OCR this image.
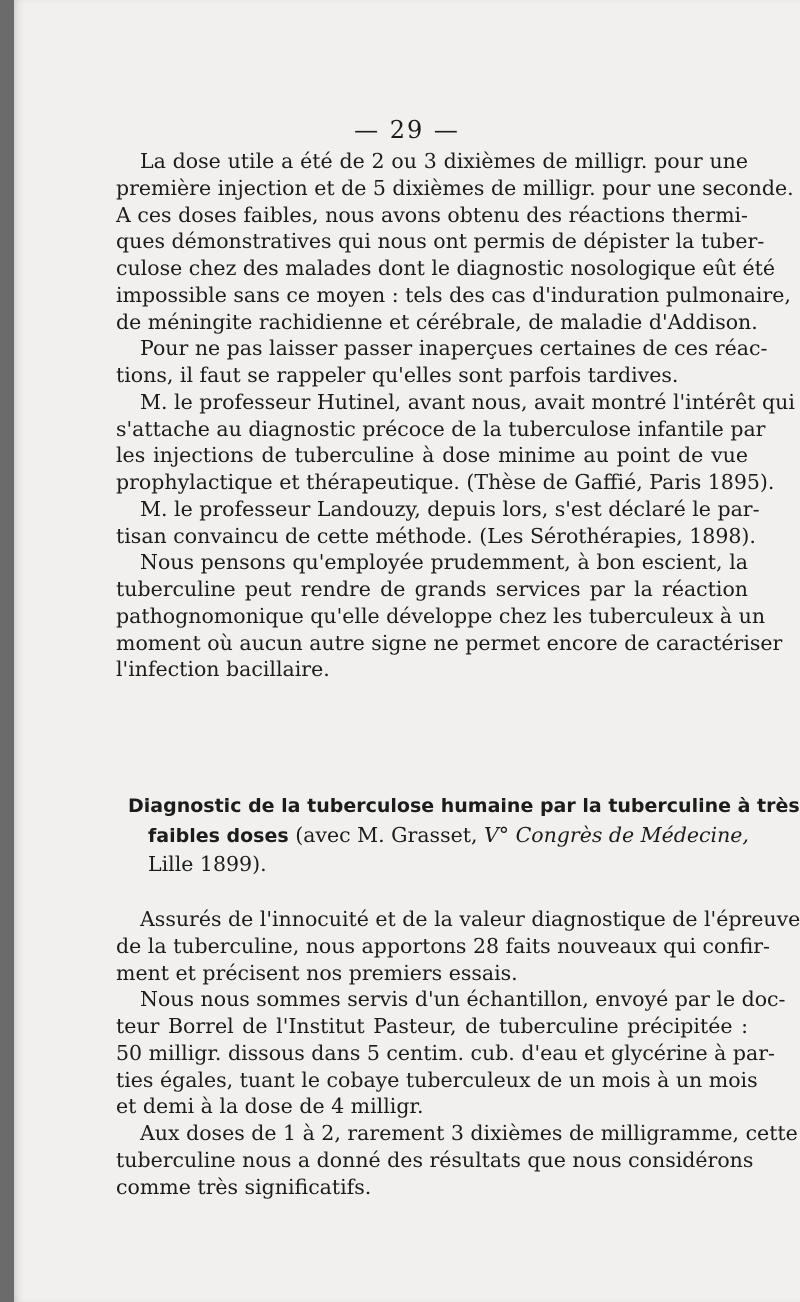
— 29 —
La dose utile a été de 2 ou 3 dixièmes de milligr. pour une
première injection et de 5 dixièmes de milligr. pour une seconde.
A ces doses faibles, nous avons obtenu des réactions thermi-
ques démonstratives qui nous ont permis de dépister la tuber-
culose chez des malades dont le diagnostic nosologique eût été
impossible sans ce moyen : tels des cas d'induration pulmonaire,
de méningite rachidienne et cérébrale, de maladie d'Addison.
Pour ne pas laisser passer inaperçues certaines de ces réac-
tions, il faut se rappeler qu'elles sont parfois tardives.
M. le professeur Hutinel, avant nous, avait montré l'intérêt qui
s'attache au diagnostic précoce de la tuberculose infantile par
les injections de tuberculine à dose minime au point de vue
prophylactique et thérapeutique. (Thèse de Gaffié, Paris 1895).
M. le professeur Landouzy, depuis lors, s'est déclaré le par-
tisan convaincu de cette méthode. (Les Sérothérapies, 1898).
Nous pensons qu'employée prudemment, à bon escient, la
tuberculine peut rendre de grands services par la réaction
pathognomonique qu'elle développe chez les tuberculeux à un
moment où aucun autre signe ne permet encore de caractériser
l'infection bacillaire.
Diagnostic de la tuberculose humaine par la tuberculine à très
faibles doses (avec M. Grasset, V° Congrès de Médecine,
Lille 1899).
Assurés de l'innocuité et de la valeur diagnostique de l'épreuve
de la tuberculine, nous apportons 28 faits nouveaux qui confir-
ment et précisent nos premiers essais.
Nous nous sommes servis d'un échantillon, envoyé par le doc-
teur Borrel de l'Institut Pasteur, de tuberculine précipitée :
50 milligr. dissous dans 5 centim. cub. d'eau et glycérine à par-
ties égales, tuant le cobaye tuberculeux de un mois à un mois
et demi à la dose de 4 milligr.
Aux doses de 1 à 2, rarement 3 dixièmes de milligramme, cette
tuberculine nous a donné des résultats que nous considérons
comme très significatifs.
